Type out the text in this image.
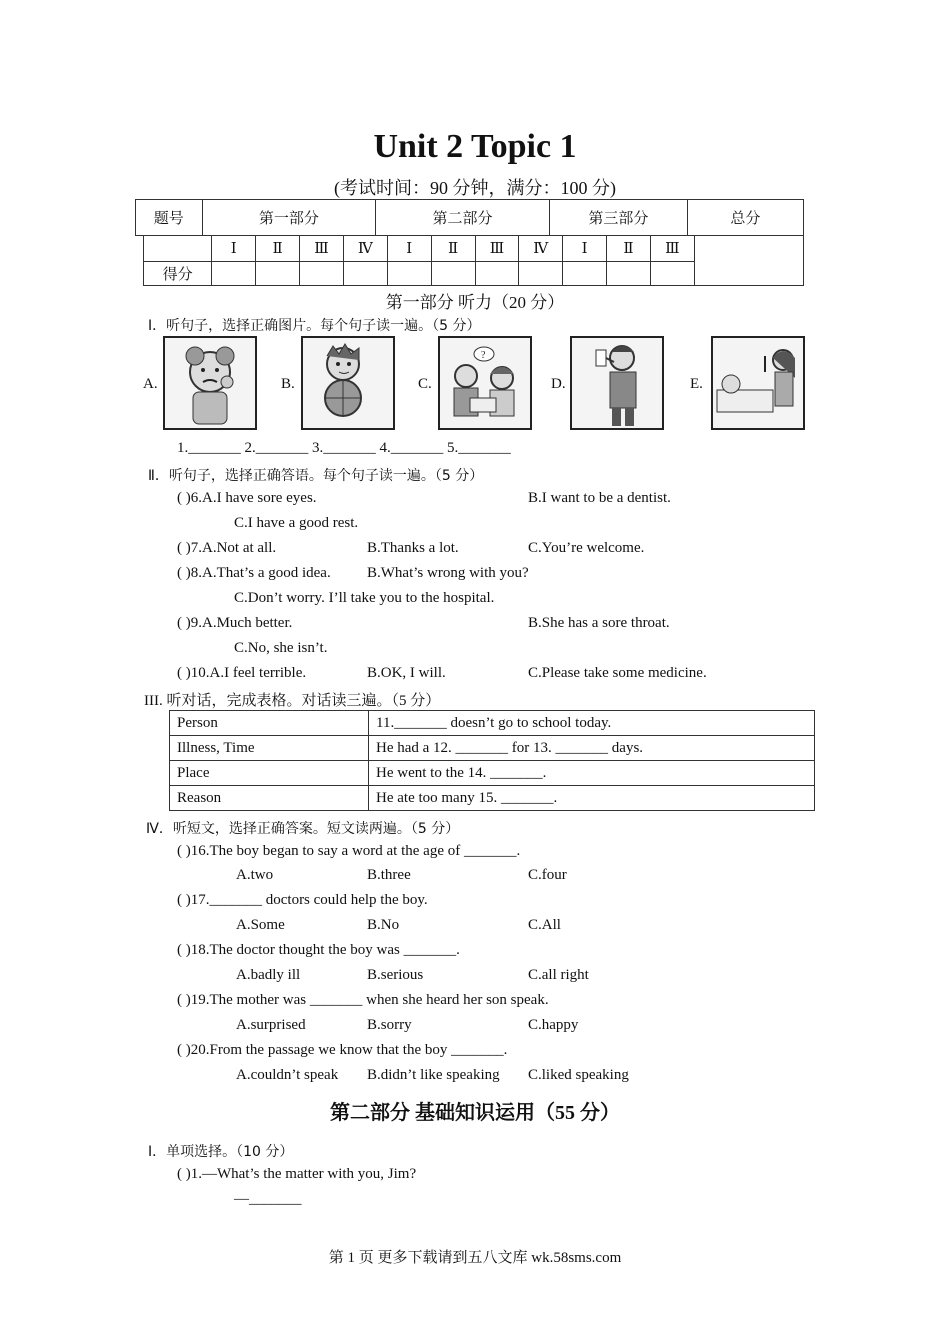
Unit 2 Topic 1
(考试时间：90 分钟，满分：100 分)
题号	第一部分	第二部分	第三部分	总分
	Ⅰ	Ⅱ	Ⅲ	Ⅳ	Ⅰ	Ⅱ	Ⅲ	Ⅳ	Ⅰ	Ⅱ	Ⅲ	
得分												
第一部分 听力（20 分）
Ⅰ．听句子，选择正确图片。每个句子读一遍。（5 分）
A.	B.	C.
?
D.	E.
1._______ 2._______ 3._______ 4._______ 5._______
Ⅱ．听句子，选择正确答语。每个句子读一遍。（5 分）
( )6.A.I have sore eyes.	B.I want to be a dentist.
C.I have a good rest.
( )7.A.Not at all.	B.Thanks a lot.	C.You’re welcome.
( )8.A.That’s a good idea. B.What’s wrong with you?
C.Don’t worry. I’ll take you to the hospital.
( )9.A.Much better.	B.She has a sore throat.
C.No, she isn’t.
( )10.A.I feel terrible.	B.OK, I will.	C.Please take some medicine.
III. 听对话，完成表格。对话读三遍。（5 分）
Person	11._______ doesn’t go to school today.
Illness, Time	He had a 12. _______ for 13. _______ days.
Place	He went to the 14. _______.
Reason	He ate too many 15. _______.
Ⅳ．听短文，选择正确答案。短文读两遍。（5 分）
( )16.The boy began to say a word at the age of _______.
A.two	B.three	C.four
( )17._______ doctors could help the boy.
A.Some	B.No	C.All
( )18.The doctor thought the boy was _______.
A.badly ill	B.serious	C.all right
( )19.The mother was _______ when she heard her son speak.
A.surprised	B.sorry	C.happy
( )20.From the passage we know that the boy _______.
A.couldn’t speak B.didn’t like speaking C.liked speaking
第二部分 基础知识运用（55 分）
Ⅰ．单项选择。（10 分）
( )1.—What’s the matter with you, Jim?
—_______
第 1 页 更多下载请到五八文库 wk.58sms.com
